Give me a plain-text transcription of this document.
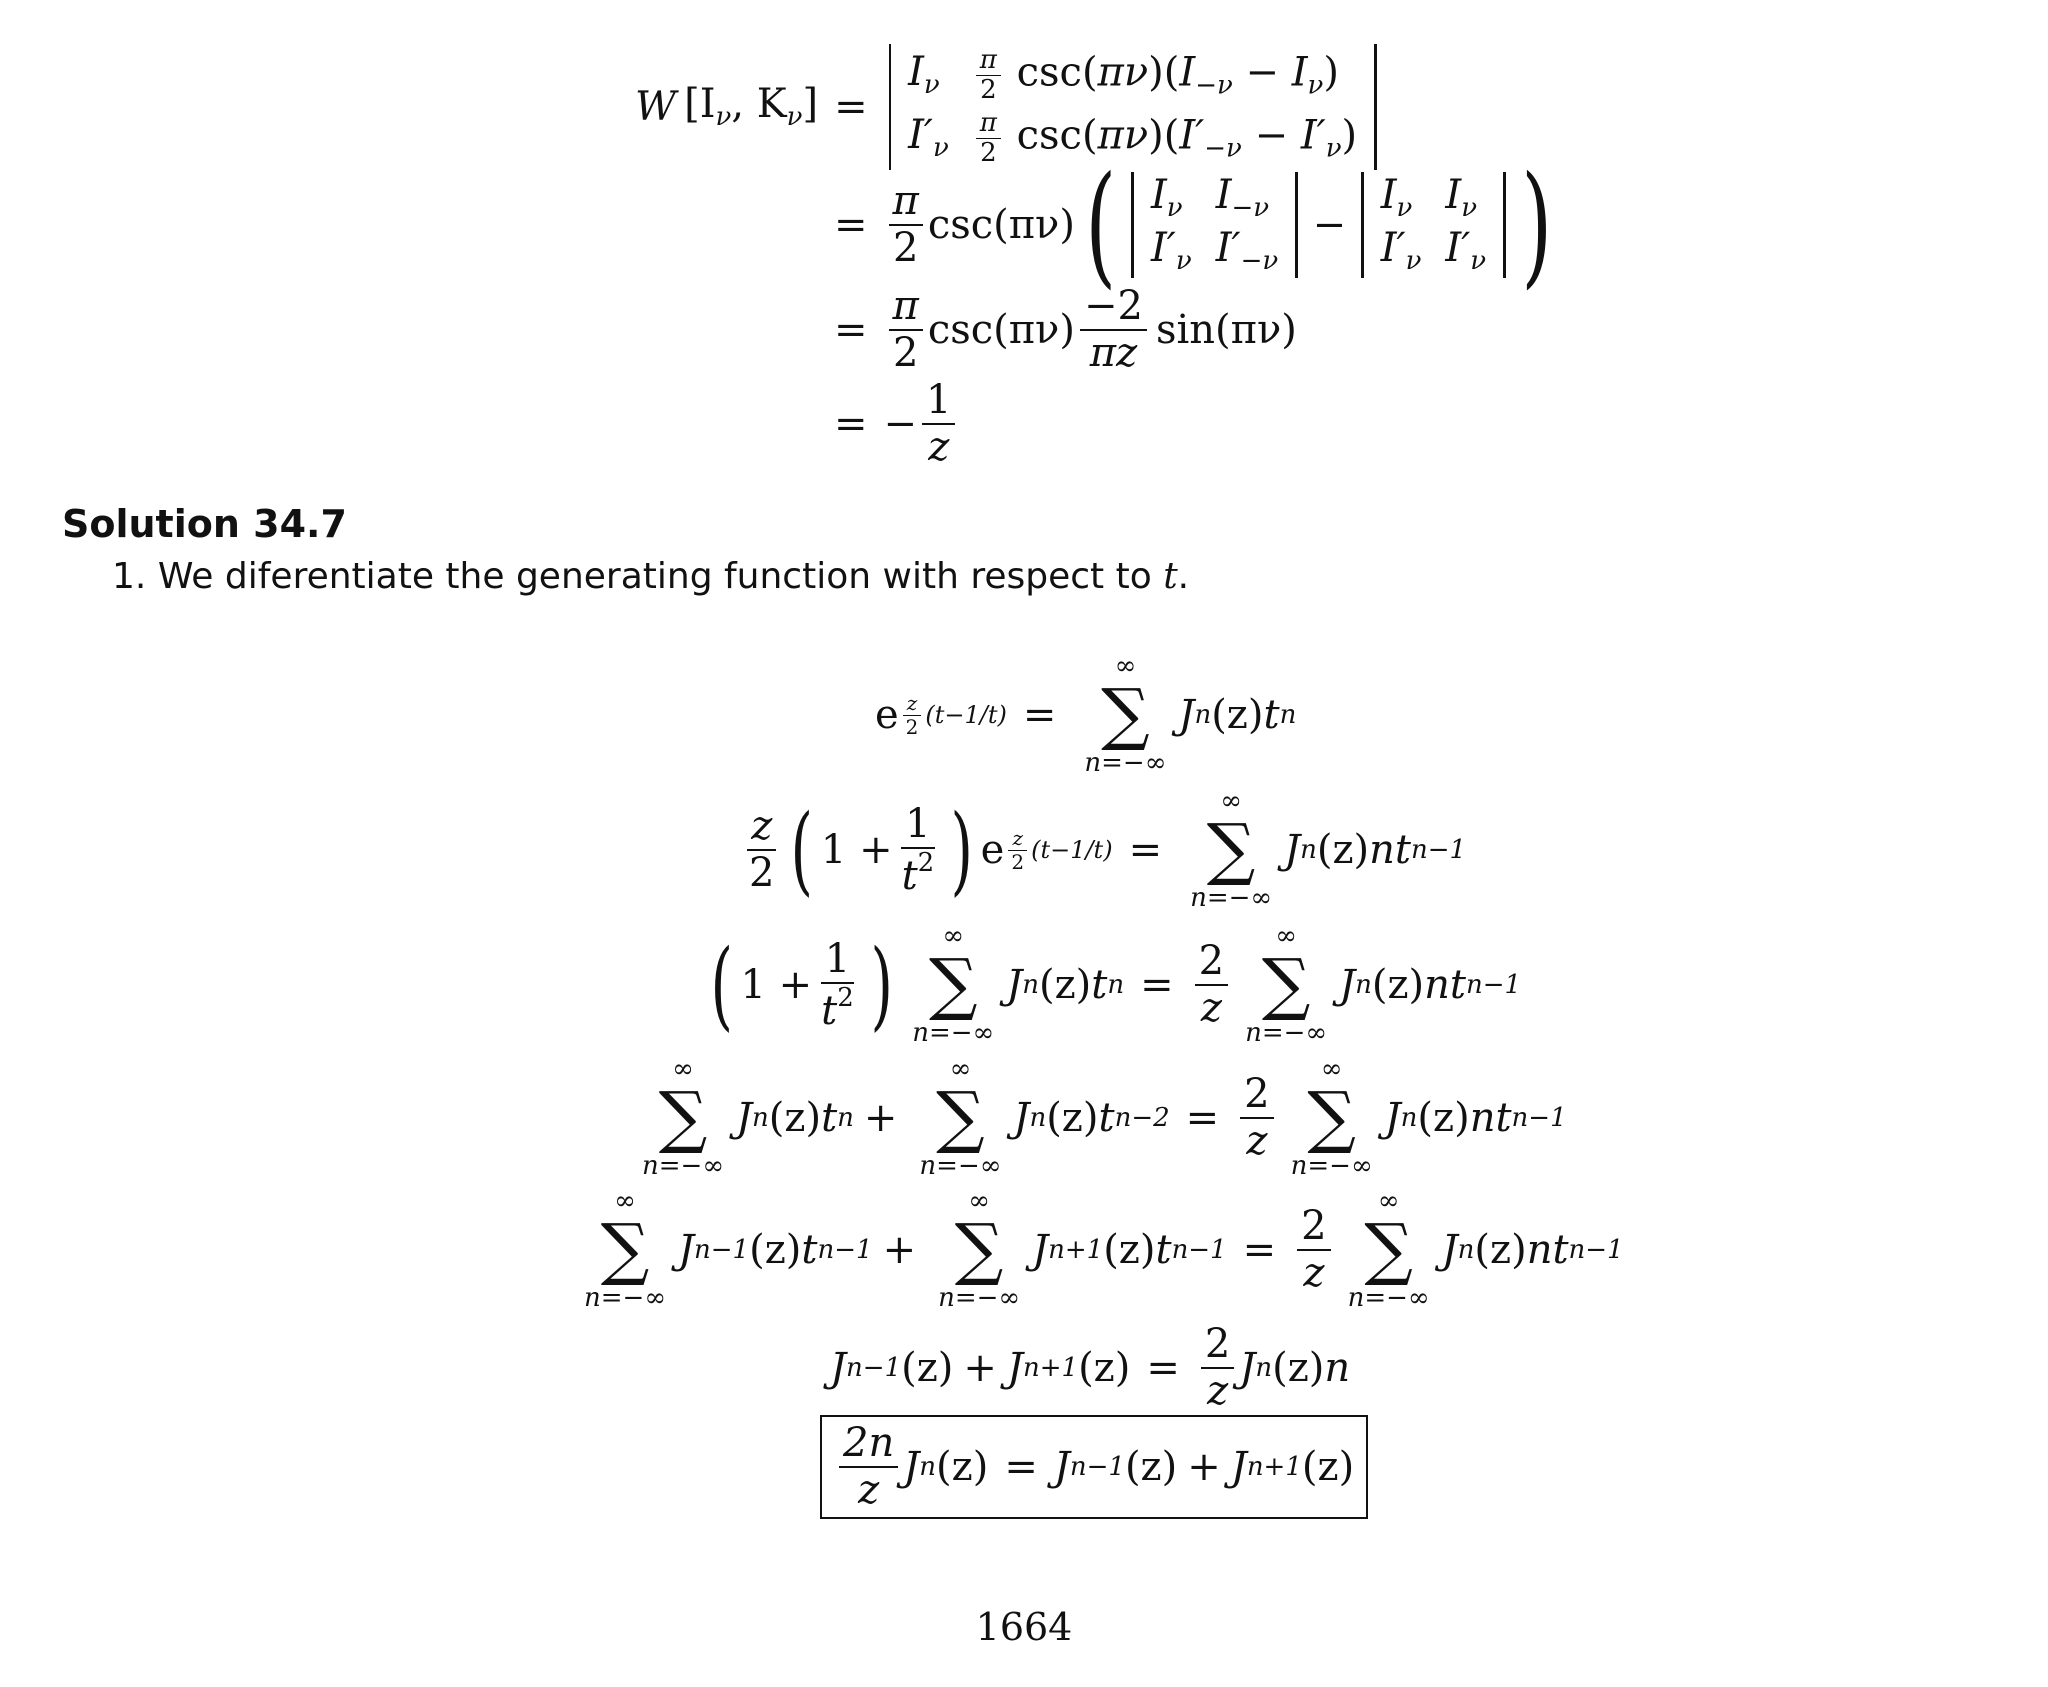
W [$I_\nu$, $K_\nu$] =
$I_\nu$	$\frac{\pi}{2} \csc(\pi\nu)(I_{-\nu} - I_\nu)$
$I'_\nu$	$\frac{\pi}{2} \csc(\pi\nu)(I'_{-\nu} - I'_\nu)$
= $\frac{\pi}{2}$ csc (πν) ( $I_\nu$	$I_{-\nu}$
$I'_\nu$	$I'_{-\nu}$
−
$I_\nu$	$I_\nu$
$I'_\nu$	$I'_\nu$ )
= $\frac{\pi}{2}$ $\csc (\pi\nu) \frac{-2}{\pi z}$ sin (πν)
= − $\frac{1}{z}$
Solution 34.7
1. We diferentiate the generating function with respect to t.
e $\frac{z}{2} (t-1/t)$ =
∞
∑
n=−∞
J n (z) t n
$\frac{z}{2}$ ( $1 + \frac{1}{t^2}$ ) e $\frac{z}{2} (t-1/t)$ =
∞
∑
n=−∞
J n (z) nt n−1
( $1 + \frac{1}{t^2}$ ) ∞
∑
n=−∞
J n (z) t $n = \frac{2}{z}$
∞
∑
n=−∞
J n (z) nt n−1
∞
∑
n=−∞
J n (z) t n +
∞
∑
n=−∞
J n (z) t $n-2 = \frac{2}{z}$
∞
∑
n=−∞
J n (z) nt n−1
∞
∑
n=−∞
J n−1 (z) t n−1 +
∞
∑
n=−∞
J n+1 (z) t $n-1 = \frac{2}{z}$
∞
∑
n=−∞
J n (z) nt n−1
J n−1 (z) + J n+1 $(z) = \frac{2}{z}$ J n (z) n
$\frac{2n}{z}$ J n (z) = J n−1 (z) + J n+1 (z)
1664
